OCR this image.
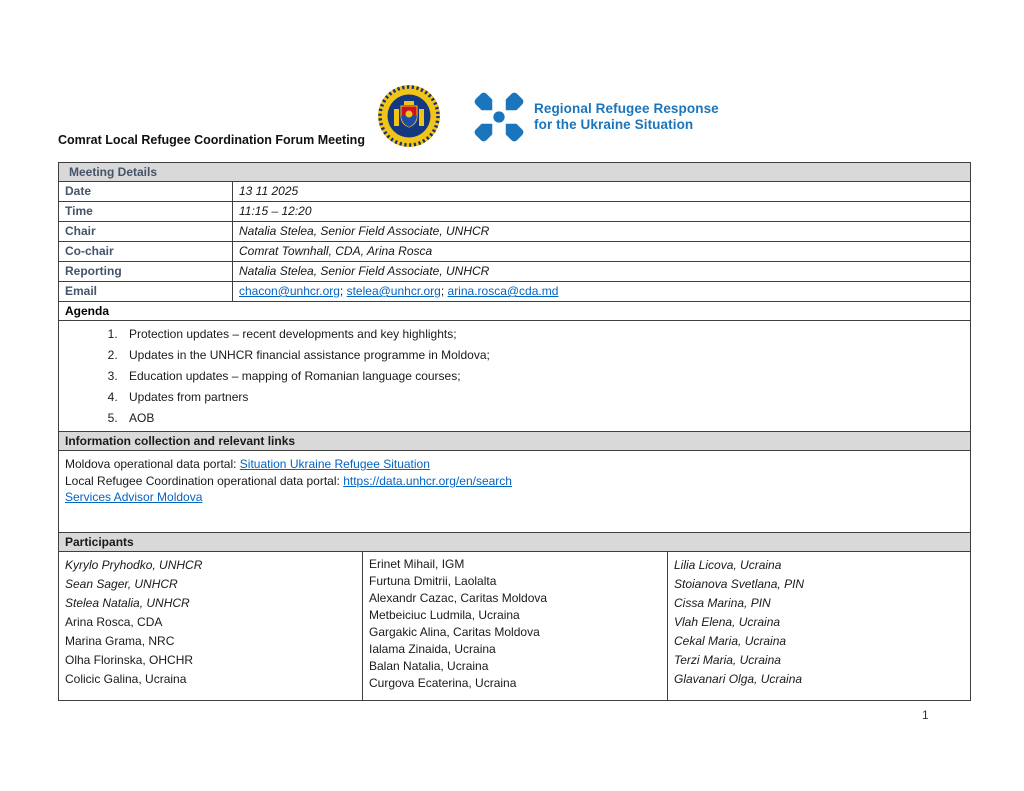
Regional Refugee Response
for the Ukraine Situation
Comrat Local Refugee Coordination Forum Meeting
Meeting Details			
Date	13 11 2025		
Time	11:15 – 12:20		
Chair	Natalia Stelea, Senior Field Associate, UNHCR		
Co-chair	Comrat Townhall, CDA, Arina Rosca		
Reporting	Natalia Stelea, Senior Field Associate, UNHCR		
Email	chacon@unhcr.org; stelea@unhcr.org; arina.rosca@cda.md		
Agenda			

1. Protection updates – recent developments and key highlights;
2. Updates in the UNHCR financial assistance programme in Moldova;
3. Education updates – mapping of Romanian language courses;
4. Updates from partners
5. AOB

Information collection and relevant links			

Moldova operational data portal: Situation Ukraine Refugee Situation
Local Refugee Coordination operational data portal: https://data.unhcr.org/en/search
Services Advisor Moldova			

Participants			

Kyrylo Pryhodko, UNHCR
Sean Sager, UNHCR
Stelea Natalia, UNHCR
Arina Rosca, CDA
Marina Grama, NRC
Olha Florinska, OHCHR
Colicic Galina, Ucraina

Erinet Mihail, IGM
Furtuna Dmitrii, Laolalta
Alexandr Cazac, Caritas Moldova
Metbeiciuc Ludmila, Ucraina
Gargakic Alina, Caritas Moldova
Ialama Zinaida, Ucraina
Balan Natalia, Ucraina
Curgova Ecaterina, Ucraina

Lilia Licova, Ucraina
Stoianova Svetlana, PIN
Cissa Marina, PIN
Vlah Elena, Ucraina
Cekal Maria, Ucraina
Terzi Maria, Ucraina
Glavanari Olga, Ucraina
1
